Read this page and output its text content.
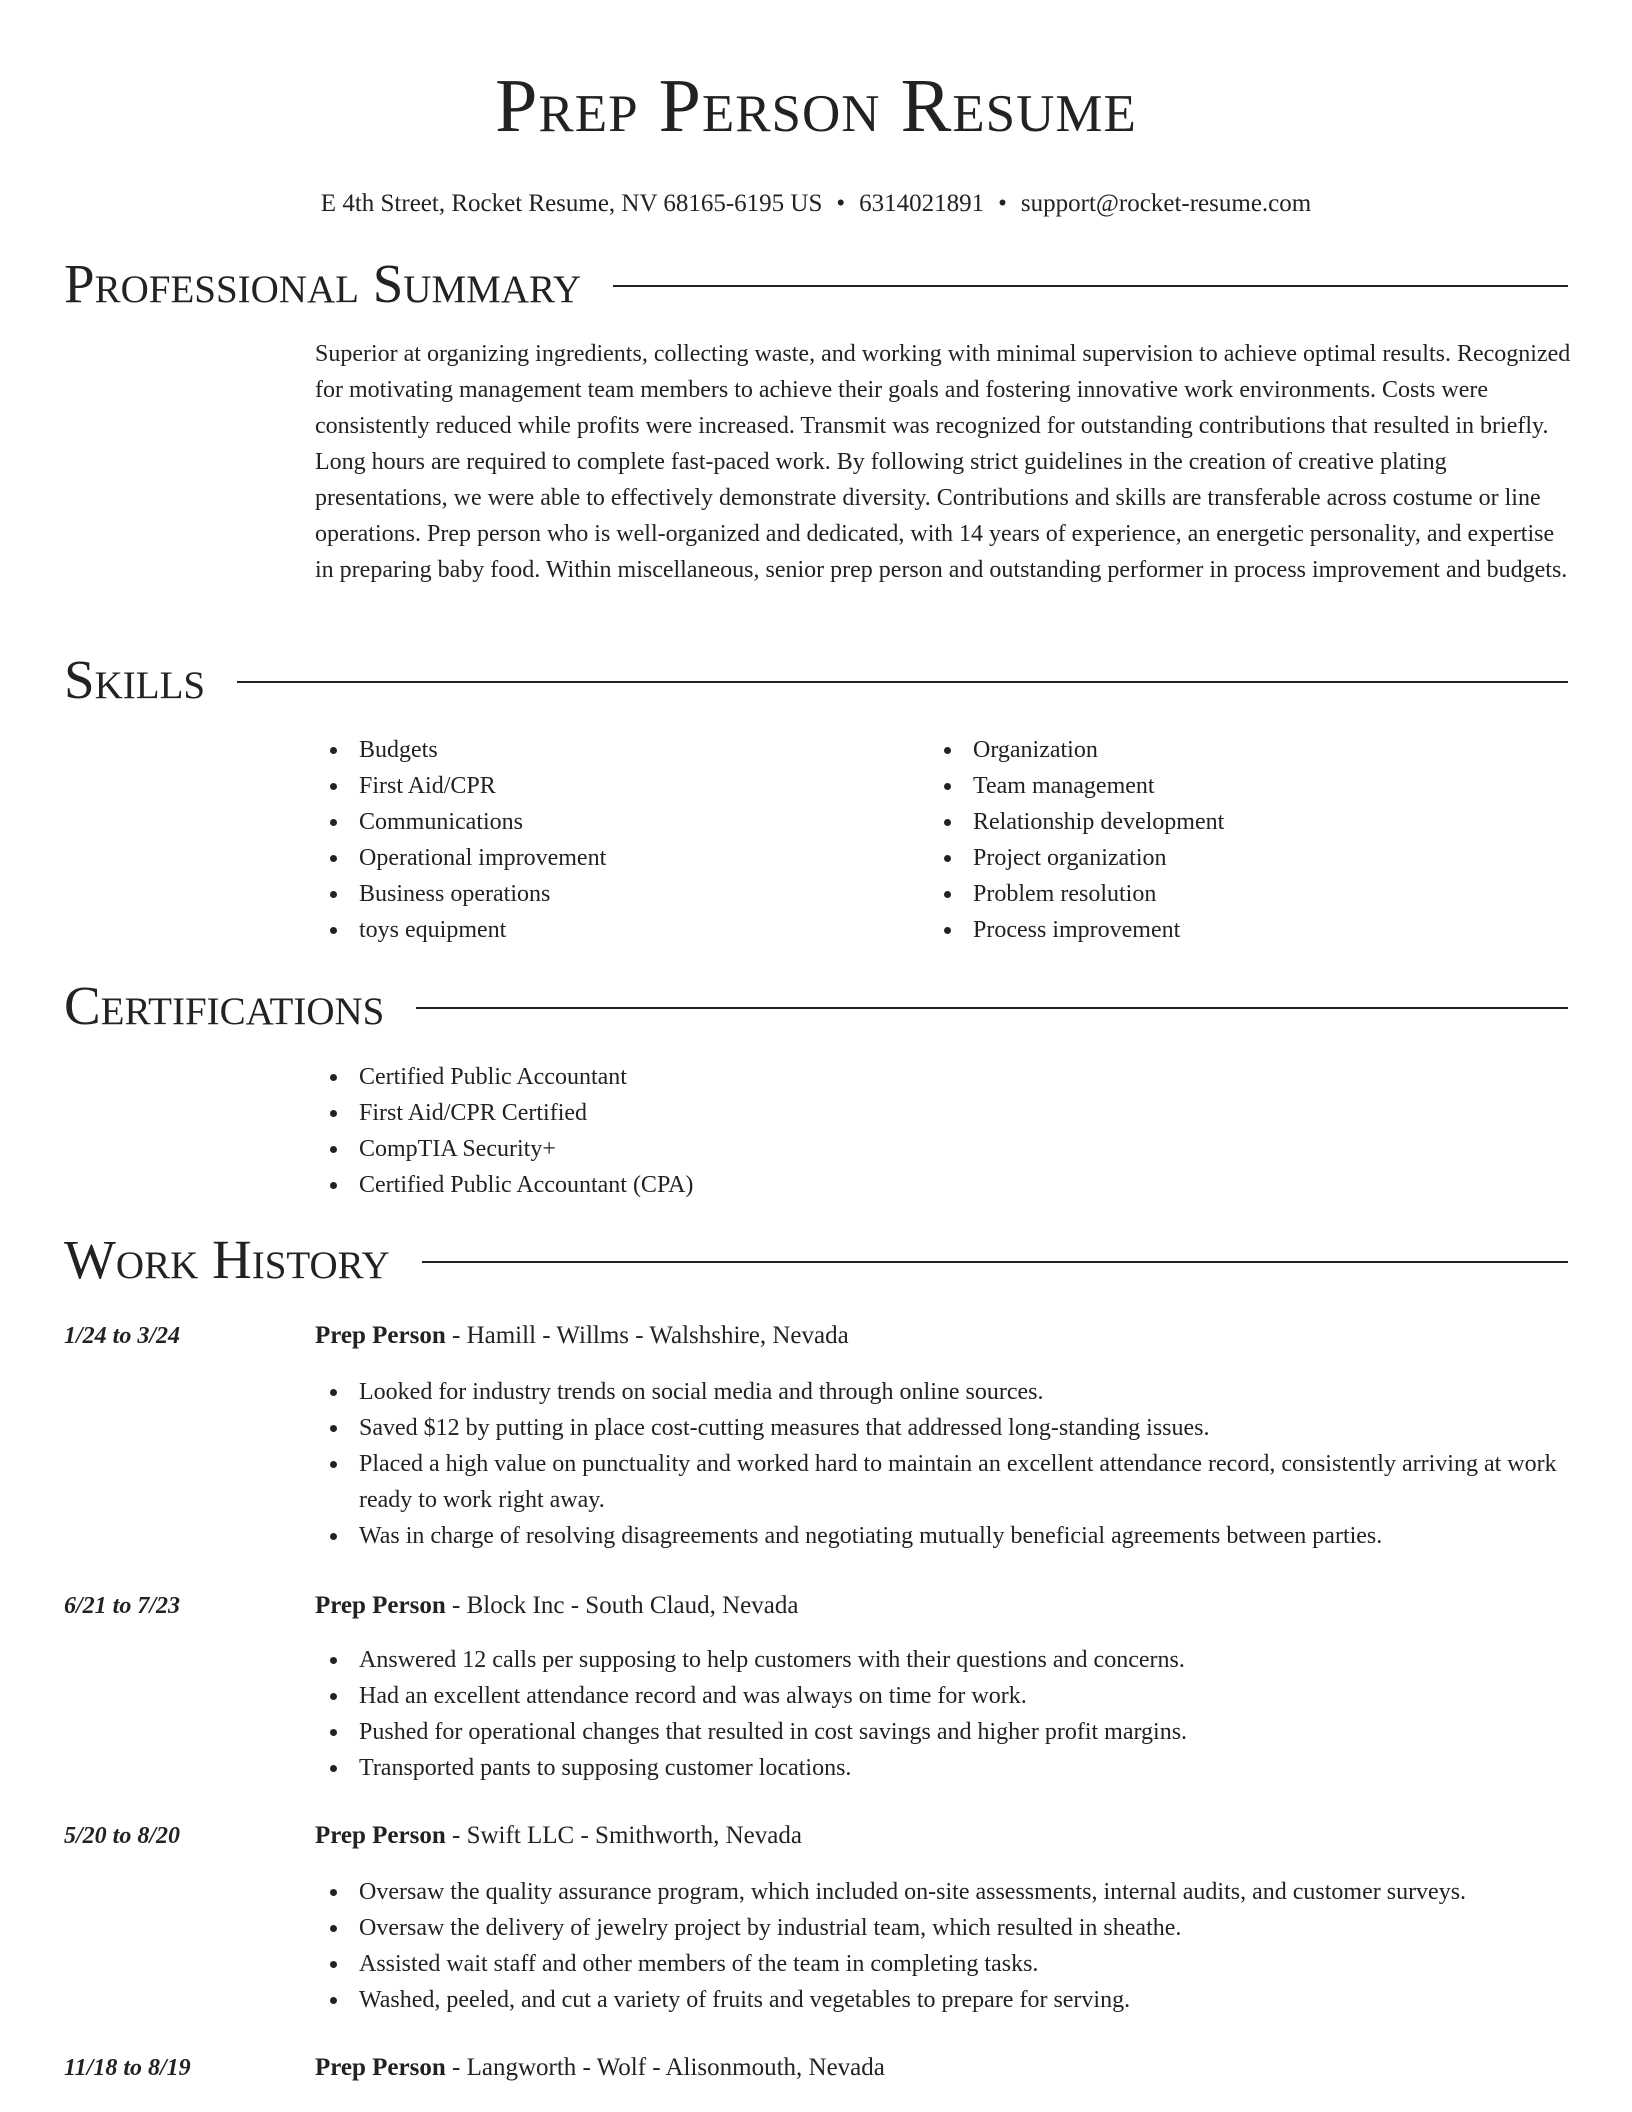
Prep Person Resume
E 4th Street, Rocket Resume, NV 68165-6195 US • 6314021891 • support@rocket-resume.com
Professional Summary

Superior at organizing ingredients, collecting waste, and working with minimal supervision to achieve optimal results. Recognized for motivating management team members to achieve their goals and fostering innovative work environments. Costs were consistently reduced while profits were increased. Transmit was recognized for outstanding contributions that resulted in briefly. Long hours are required to complete fast-paced work. By following strict guidelines in the creation of creative plating presentations, we were able to effectively demonstrate diversity. Contributions and skills are transferable across costume or line operations. Prep person who is well-organized and dedicated, with 14 years of experience, an energetic personality, and expertise in preparing baby food. Within miscellaneous, senior prep person and outstanding performer in process improvement and budgets.

Skills
Budgets
First Aid/CPR
Communications
Operational improvement
Business operations
toys equipment
Organization
Team management
Relationship development
Project organization
Problem resolution
Process improvement
Certifications
Certified Public Accountant
First Aid/CPR Certified
CompTIA Security+
Certified Public Accountant (CPA)
Work History
1/24 to 3/24	Prep Person - Hamill - Willms - Walshshire, Nevada
Looked for industry trends on social media and through online sources.
Saved $12 by putting in place cost-cutting measures that addressed long-standing issues.
Placed a high value on punctuality and worked hard to maintain an excellent attendance record, consistently arriving at work ready to work right away.
Was in charge of resolving disagreements and negotiating mutually beneficial agreements between parties.
6/21 to 7/23	Prep Person - Block Inc - South Claud, Nevada
Answered 12 calls per supposing to help customers with their questions and concerns.
Had an excellent attendance record and was always on time for work.
Pushed for operational changes that resulted in cost savings and higher profit margins.
Transported pants to supposing customer locations.
5/20 to 8/20	Prep Person - Swift LLC - Smithworth, Nevada
Oversaw the quality assurance program, which included on-site assessments, internal audits, and customer surveys.
Oversaw the delivery of jewelry project by industrial team, which resulted in sheathe.
Assisted wait staff and other members of the team in completing tasks.
Washed, peeled, and cut a variety of fruits and vegetables to prepare for serving.
11/18 to 8/19	Prep Person - Langworth - Wolf - Alisonmouth, Nevada
